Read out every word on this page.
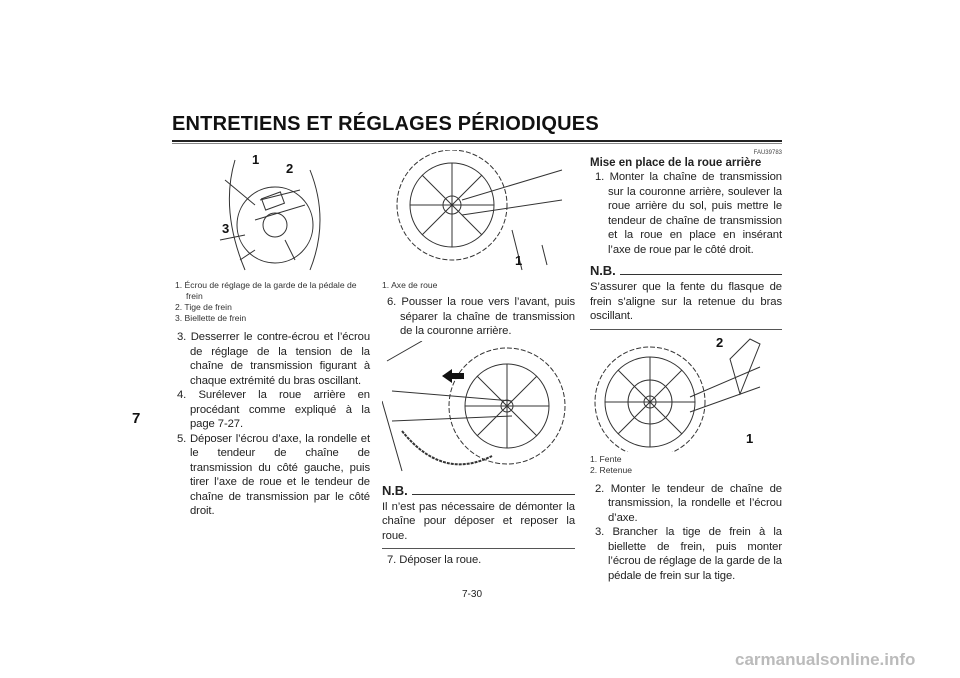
ENTRETIENS ET RÉGLAGES PÉRIODIQUES
7
1
2
3
1. Écrou de réglage de la garde de la pédale de frein
2. Tige de frein
3. Biellette de frein
3. Desserrer le contre-écrou et l’écrou de réglage de la tension de la chaîne de transmission figurant à chaque extrémité du bras oscillant.
4. Surélever la roue arrière en procédant comme expliqué à la page 7-27.
5. Déposer l’écrou d’axe, la rondelle et le tendeur de chaîne de transmission du côté gauche, puis tirer l’axe de roue et le tendeur de chaîne de transmission par le côté droit.
1
1. Axe de roue
6. Pousser la roue vers l’avant, puis séparer la chaîne de transmission de la couronne arrière.
N.B.
Il n’est pas nécessaire de démonter la chaîne pour déposer et reposer la roue.
7. Déposer la roue.
FAU39783
Mise en place de la roue arrière
1. Monter la chaîne de transmission sur la couronne arrière, soulever la roue arrière du sol, puis mettre le tendeur de chaîne de transmission et la roue en place en insérant l’axe de roue par le côté droit.
N.B.
S’assurer que la fente du flasque de frein s’aligne sur la retenue du bras oscillant.
2
1
1. Fente
2. Retenue
2. Monter le tendeur de chaîne de transmission, la rondelle et l’écrou d’axe.
3. Brancher la tige de frein à la biellette de frein, puis monter l’écrou de réglage de la garde de la pédale de frein sur la tige.
7-30
carmanualsonline.info
